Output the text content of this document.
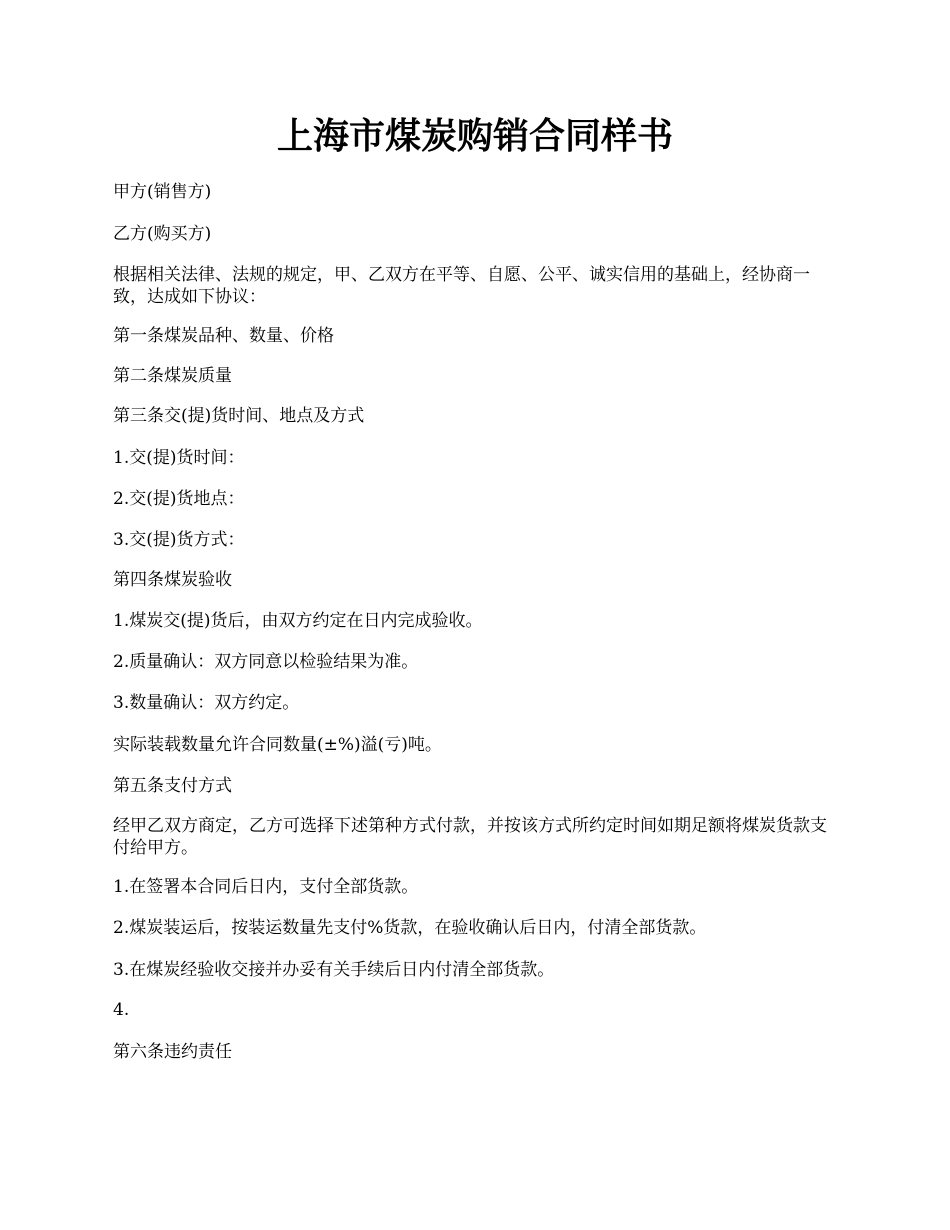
上海市煤炭购销合同样书

甲方(销售方)

乙方(购买方)

根据相关法律、法规的规定，甲、乙双方在平等、自愿、公平、诚实信用的基础上，经协商一致，达成如下协议：

第一条煤炭品种、数量、价格

第二条煤炭质量

第三条交(提)货时间、地点及方式

1.交(提)货时间：

2.交(提)货地点：

3.交(提)货方式：

第四条煤炭验收

1.煤炭交(提)货后，由双方约定在日内完成验收。

2.质量确认：双方同意以检验结果为准。

3.数量确认：双方约定。

实际装载数量允许合同数量(±%)溢(亏)吨。

第五条支付方式

经甲乙双方商定，乙方可选择下述第种方式付款，并按该方式所约定时间如期足额将煤炭货款支付给甲方。

1.在签署本合同后日内，支付全部货款。

2.煤炭装运后，按装运数量先支付%货款，在验收确认后日内，付清全部货款。

3.在煤炭经验收交接并办妥有关手续后日内付清全部货款。

4.

第六条违约责任
